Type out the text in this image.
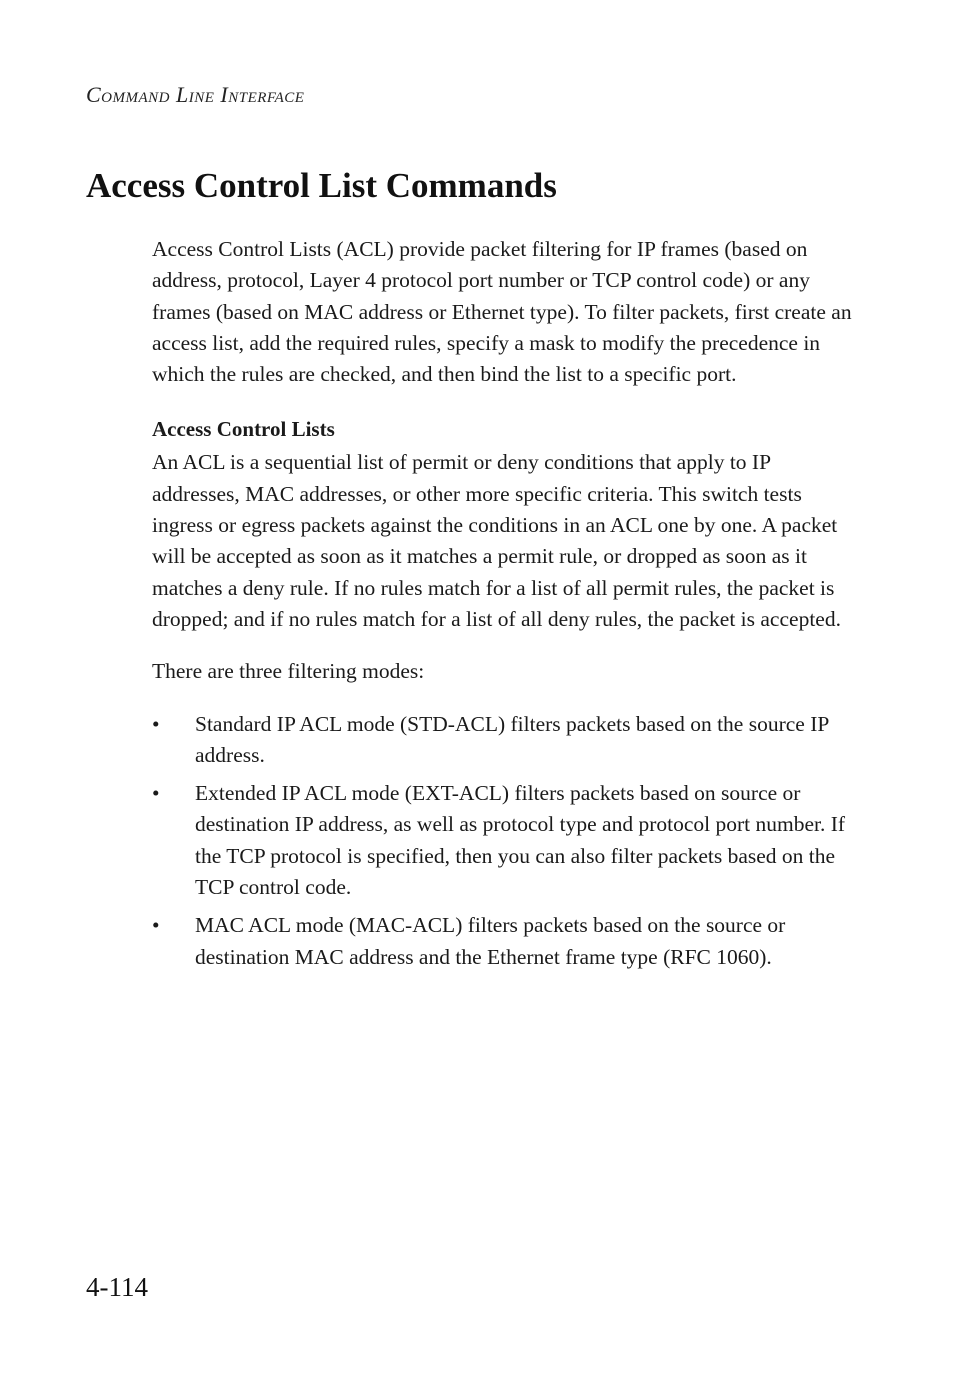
Command Line Interface
Access Control List Commands

Access Control Lists (ACL) provide packet filtering for IP frames (based on address, protocol, Layer 4 protocol port number or TCP control code) or any frames (based on MAC address or Ethernet type). To filter packets, first create an access list, add the required rules, specify a mask to modify the precedence in which the rules are checked, and then bind the list to a specific port.

Access Control Lists

An ACL is a sequential list of permit or deny conditions that apply to IP addresses, MAC addresses, or other more specific criteria. This switch tests ingress or egress packets against the conditions in an ACL one by one. A packet will be accepted as soon as it matches a permit rule, or dropped as soon as it matches a deny rule. If no rules match for a list of all permit rules, the packet is dropped; and if no rules match for a list of all deny rules, the packet is accepted.

There are three filtering modes:

•	Standard IP ACL mode (STD-ACL) filters packets based on the source IP address.
•	Extended IP ACL mode (EXT-ACL) filters packets based on source or destination IP address, as well as protocol type and protocol port number. If the TCP protocol is specified, then you can also filter packets based on the TCP control code.
•	MAC ACL mode (MAC-ACL) filters packets based on the source or destination MAC address and the Ethernet frame type (RFC 1060).
4-114
